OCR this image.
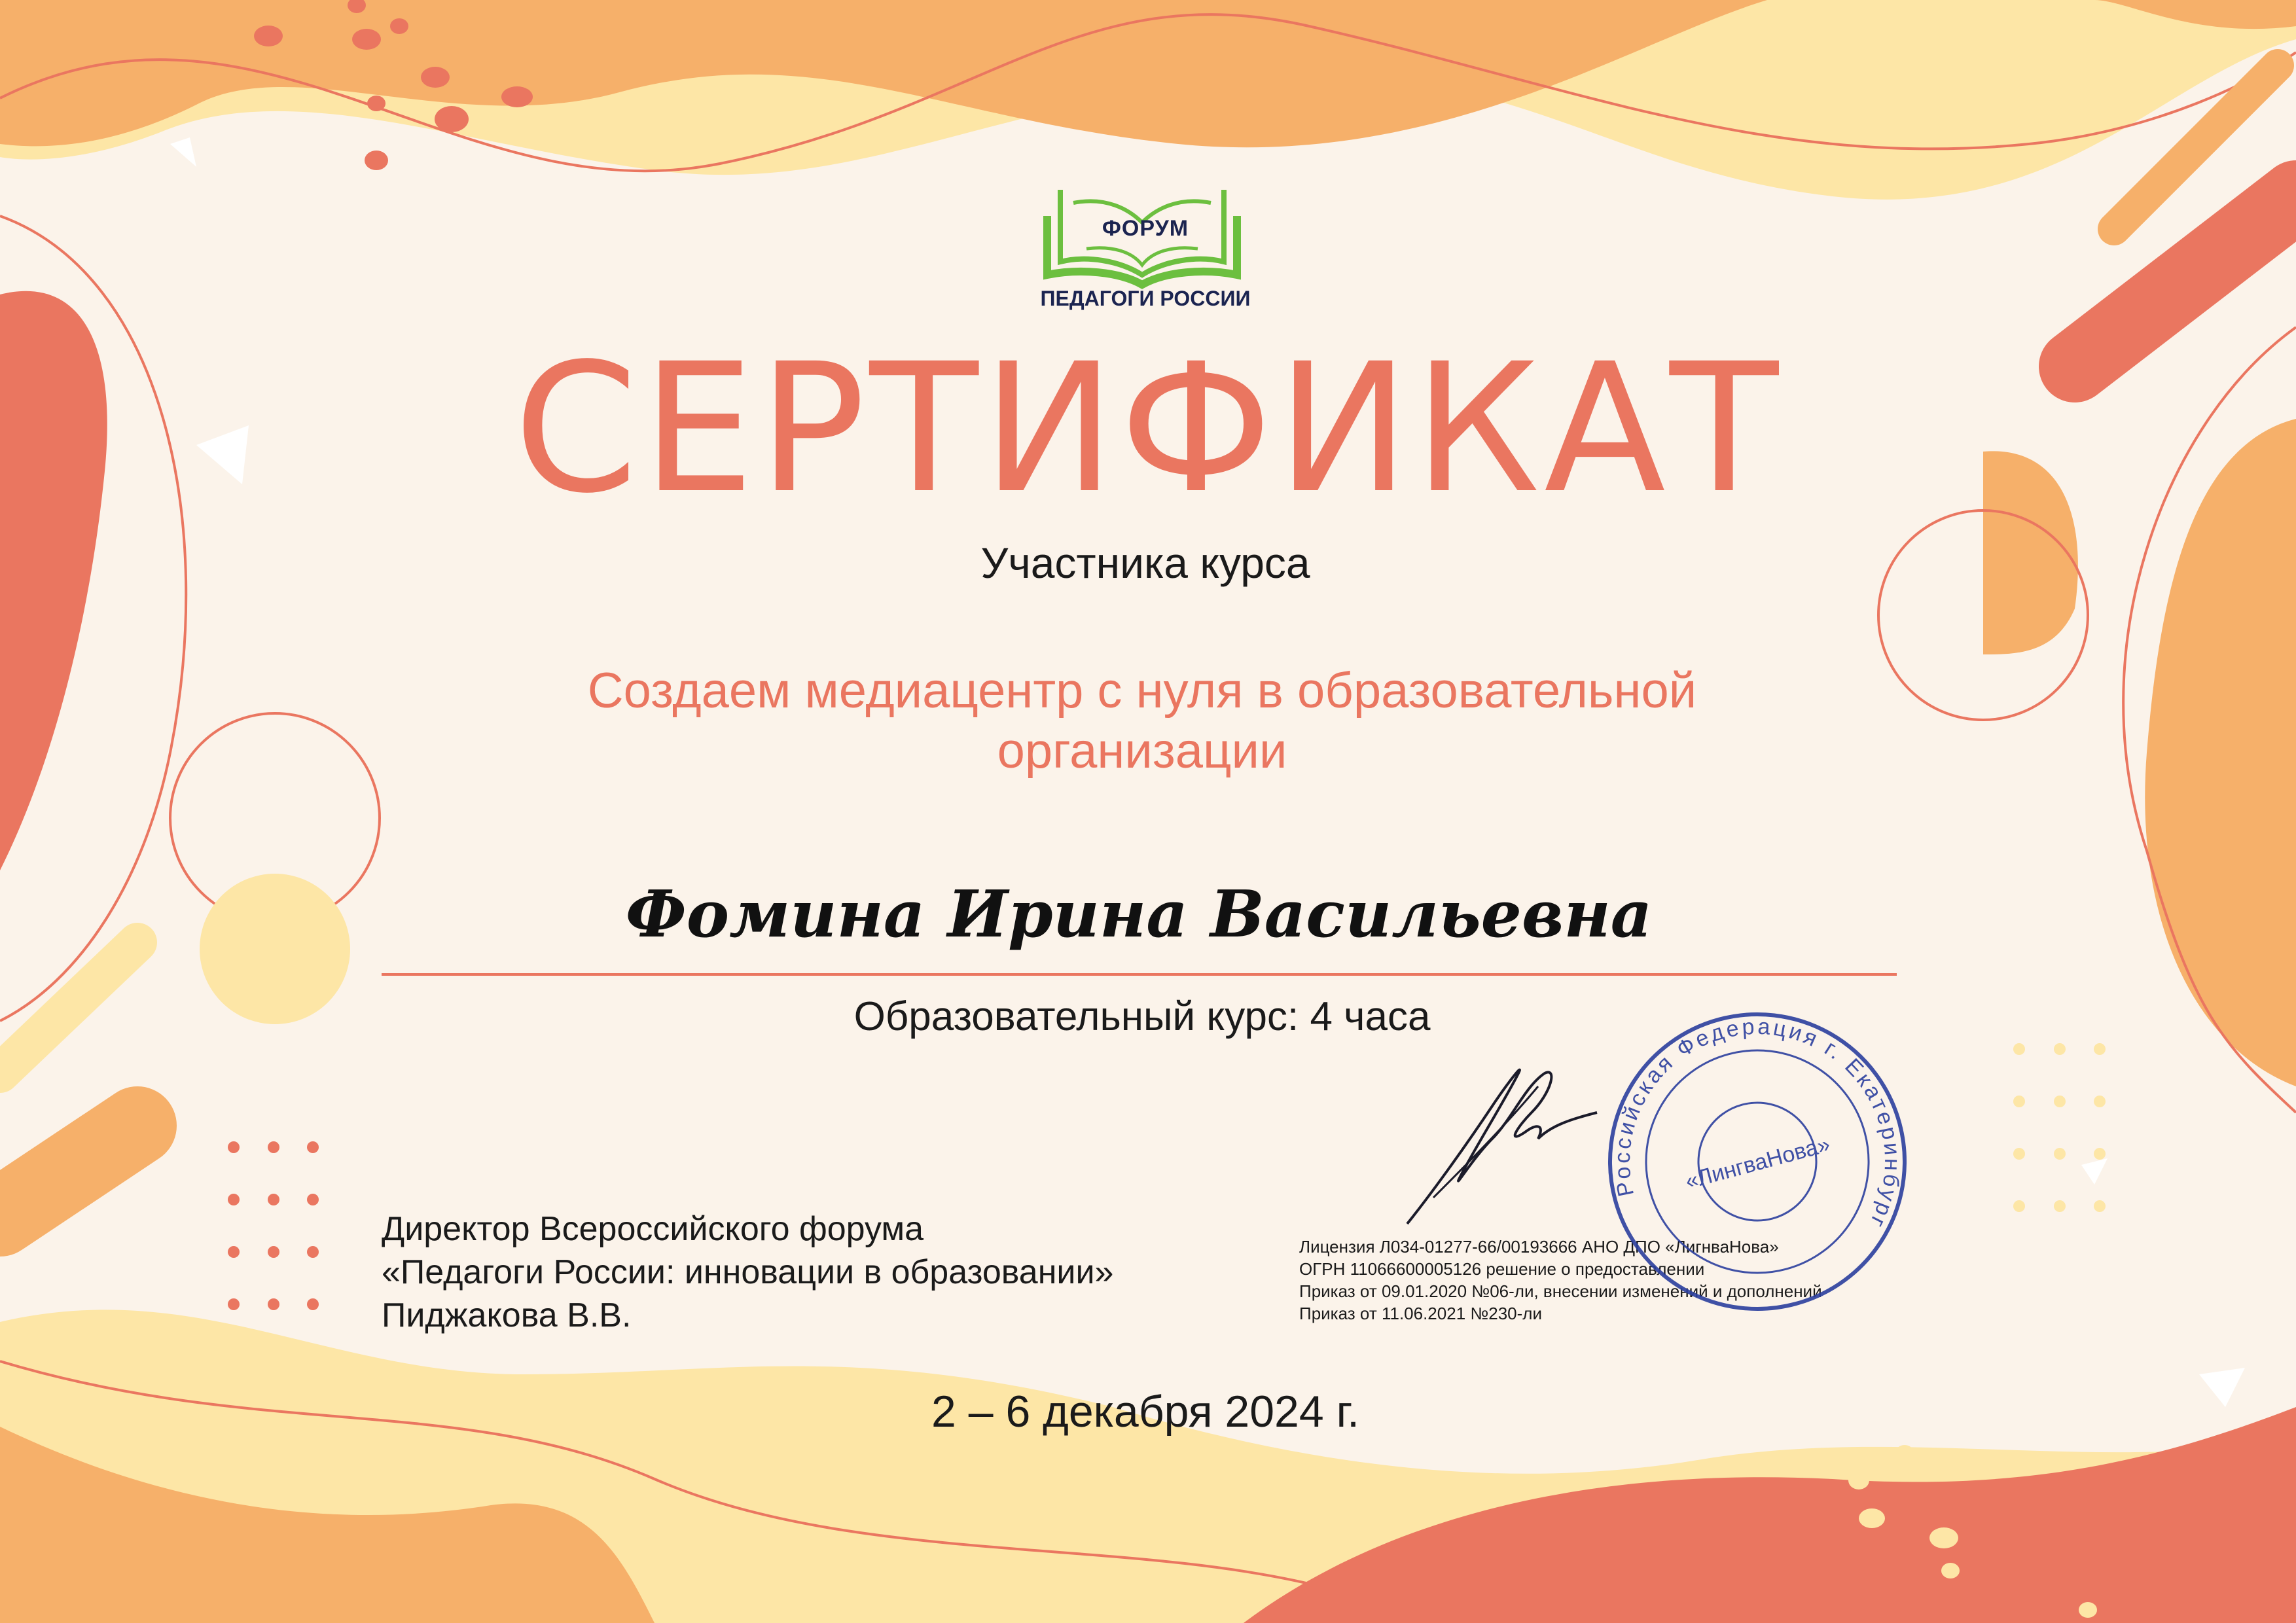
ФОРУМ
ПЕДАГОГИ РОССИИ
СЕРТИФИКАТ
Участника курса
Создаем медиацентр с нуля в образовательной
организации
Фомина Ирина Васильевна
Образовательный курс: 4 часа
Директор Всероссийского форума
«Педагоги России: инновации в образовании»
Пиджакова В.В.
Лицензия Л034-01277-66/00193666 АНО ДПО «ЛигнваНова»
ОГРН 11066600005126 решение о предоставлении
Приказ от 09.01.2020 №06-ли, внесении изменений и дополнений
Приказ от 11.06.2021 №230-ли
Российская Федерация г. Екатеринбург
«ЛингваНова»
2 – 6 декабря 2024 г.
